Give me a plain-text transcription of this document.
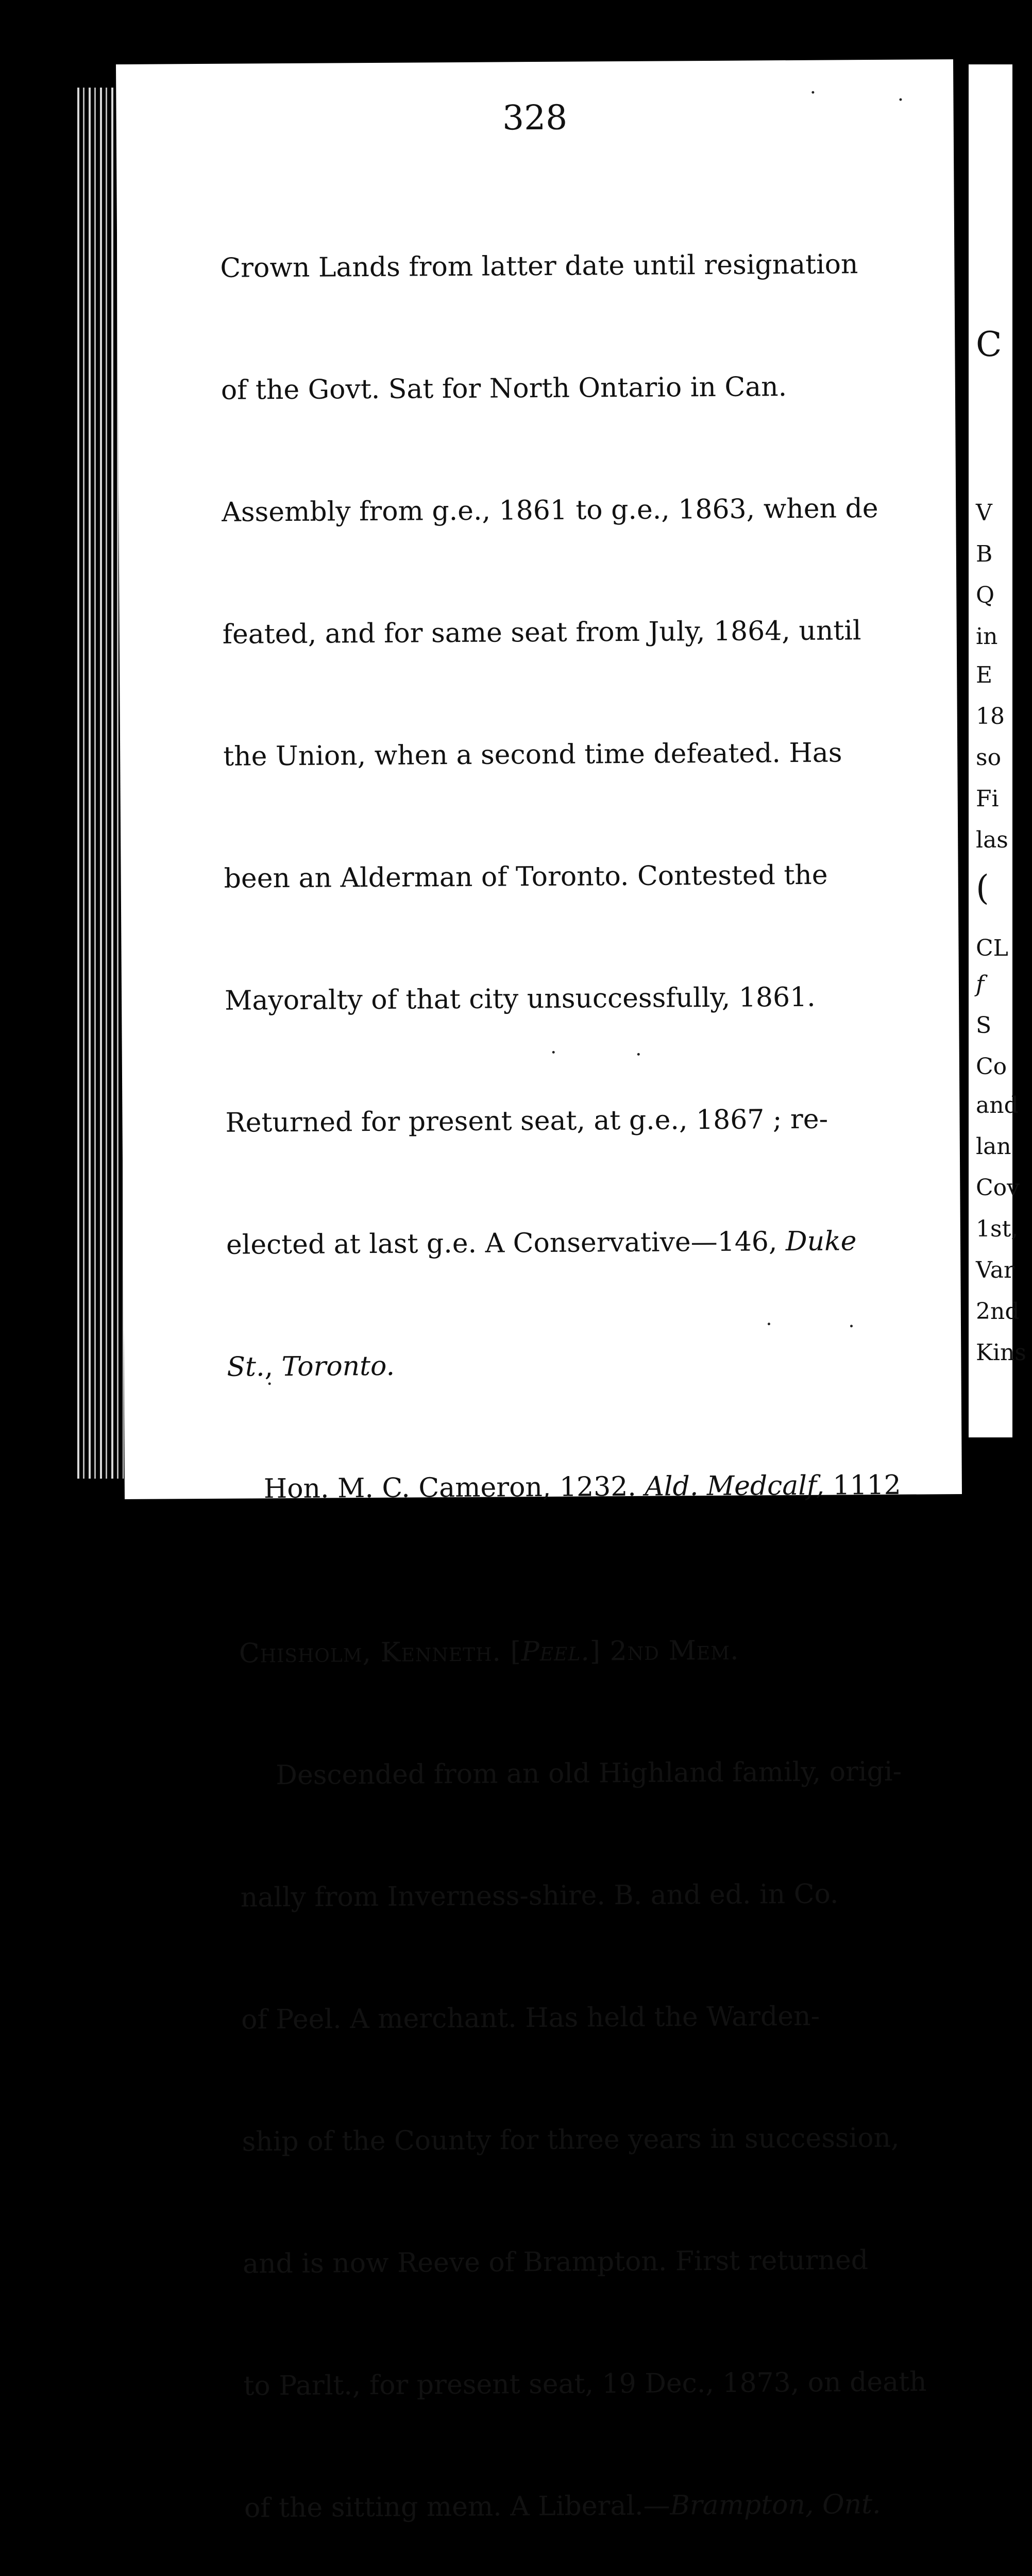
328

Crown Lands from latter date until resignation

of the Govt. Sat for North Ontario in Can.

Assembly from g.e., 1861 to g.e., 1863, when de

feated, and for same seat from July, 1864, until

the Union, when a second time defeated. Has

been an Alderman of Toronto. Contested the

Mayoralty of that city unsuccessfully, 1861.

Returned for present seat, at g.e., 1867 ; re-

elected at last g.e. A Conservative—146, Duke

St., Toronto.

Hon. M. C. Cameron, 1232. Ald. Medcalf, 1112

Chisholm, Kenneth. [Peel.] 2nd Mem.

Descended from an old Highland family, origi-

nally from Inverness-shire. B. and ed. in Co.

of Peel. A merchant. Has held the Warden-

ship of the County for three years in succession,

and is now Reeve of Brampton. First returned

to Parlt., for present seat, 19 Dec., 1873, on death

of the sitting mem. A Liberal.—Brampton, Ont.

C
V
B
Q
in
E
18
so
Fi
las
(
CL
f
S
Co
and
lan
Cov
1st,
Var
2nd
Kins
